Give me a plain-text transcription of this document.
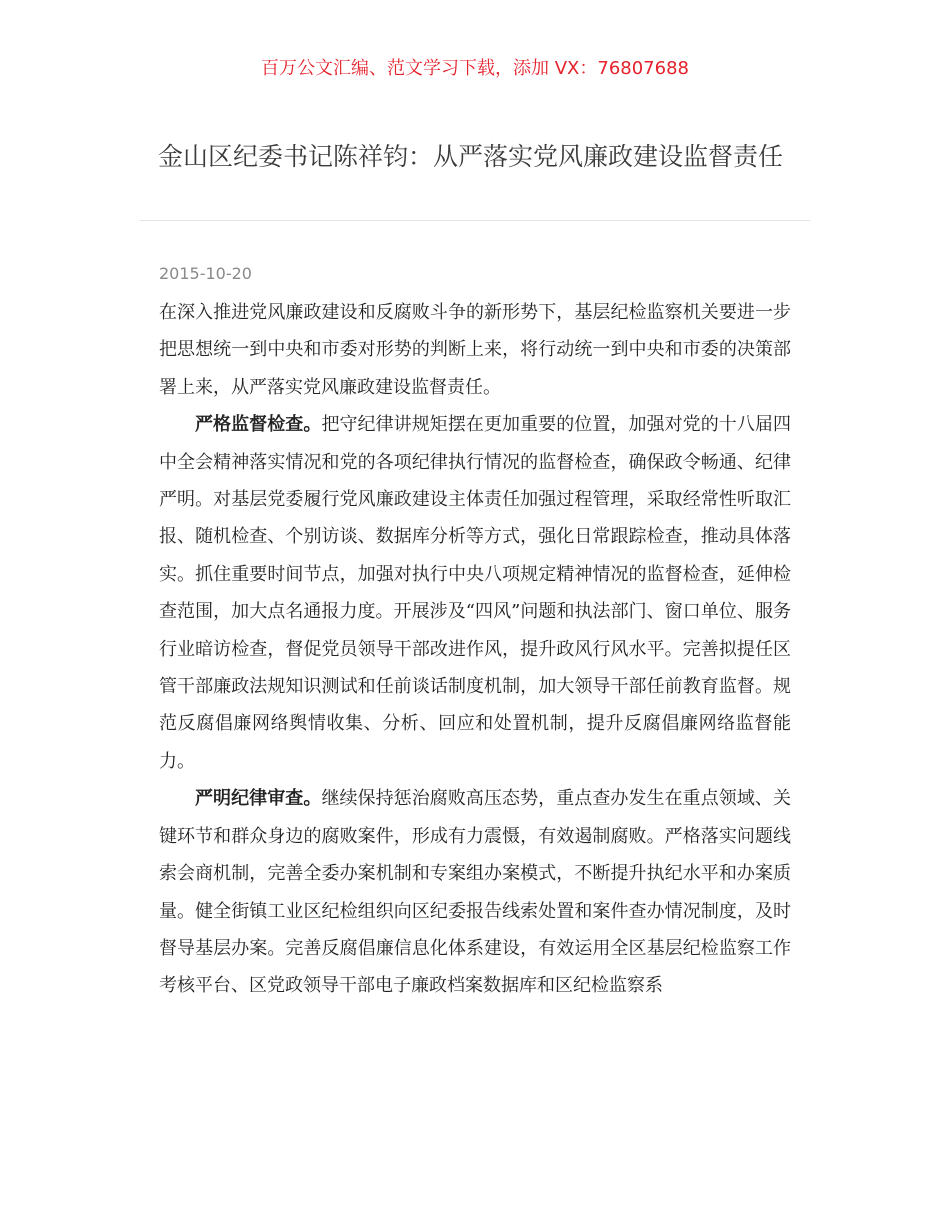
百万公文汇编、范文学习下载，添加 VX：76807688
金山区纪委书记陈祥钧：从严落实党风廉政建设监督责任
2015-10-20

在深入推进党风廉政建设和反腐败斗争的新形势下，基层纪检监察机关要进一步把思想统一到中央和市委对形势的判断上来，将行动统一到中央和市委的决策部署上来，从严落实党风廉政建设监督责任。

严格监督检查。把守纪律讲规矩摆在更加重要的位置，加强对党的十八届四中全会精神落实情况和党的各项纪律执行情况的监督检查，确保政令畅通、纪律严明。对基层党委履行党风廉政建设主体责任加强过程管理，采取经常性听取汇报、随机检查、个别访谈、数据库分析等方式，强化日常跟踪检查，推动具体落实。抓住重要时间节点，加强对执行中央八项规定精神情况的监督检查，延伸检查范围，加大点名通报力度。开展涉及“四风”问题和执法部门、窗口单位、服务行业暗访检查，督促党员领导干部改进作风，提升政风行风水平。完善拟提任区管干部廉政法规知识测试和任前谈话制度机制，加大领导干部任前教育监督。规范反腐倡廉网络舆情收集、分析、回应和处置机制，提升反腐倡廉网络监督能力。

严明纪律审查。继续保持惩治腐败高压态势，重点查办发生在重点领域、关键环节和群众身边的腐败案件，形成有力震慑，有效遏制腐败。严格落实问题线索会商机制，完善全委办案机制和专案组办案模式，不断提升执纪水平和办案质量。健全街镇工业区纪检组织向区纪委报告线索处置和案件查办情况制度，及时督导基层办案。完善反腐倡廉信息化体系建设，有效运用全区基层纪检监察工作考核平台、区党政领导干部电子廉政档案数据库和区纪检监察系
